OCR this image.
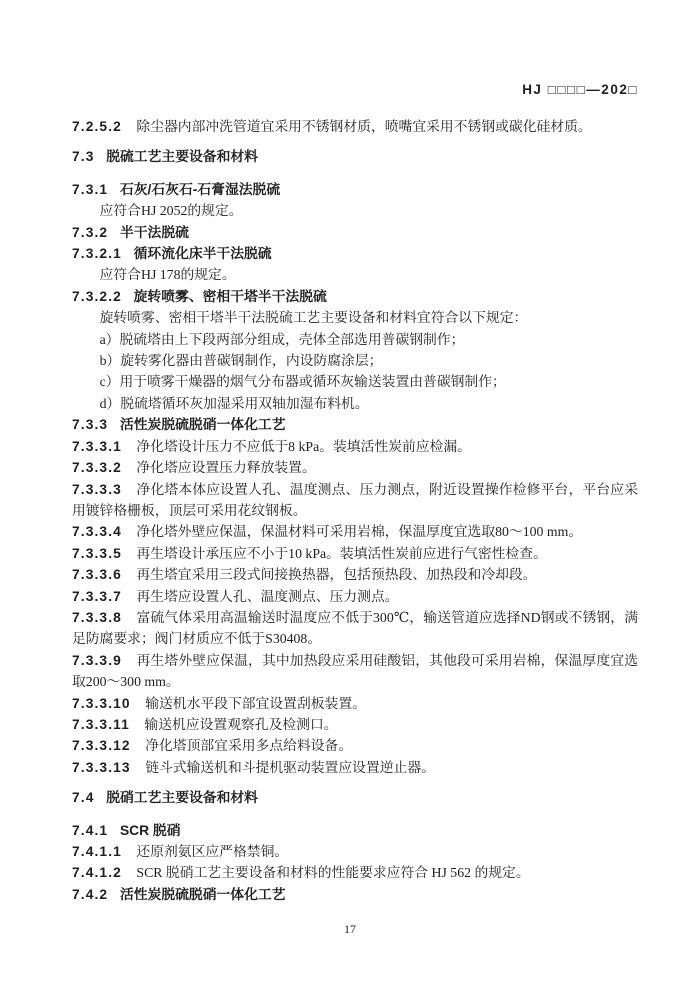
HJ □□□□—202□

7.2.5.2 除尘器内部冲洗管道宜采用不锈钢材质，喷嘴宜采用不锈钢或碳化硅材质。

7.3 脱硫工艺主要设备和材料

7.3.1 石灰/石灰石-石膏湿法脱硫

应符合HJ 2052的规定。

7.3.2 半干法脱硫

7.3.2.1 循环流化床半干法脱硫

应符合HJ 178的规定。

7.3.2.2 旋转喷雾、密相干塔半干法脱硫

旋转喷雾、密相干塔半干法脱硫工艺主要设备和材料宜符合以下规定：

a）脱硫塔由上下段两部分组成，壳体全部选用普碳钢制作；

b）旋转雾化器由普碳钢制作，内设防腐涂层；

c）用于喷雾干燥器的烟气分布器或循环灰输送装置由普碳钢制作；

d）脱硫塔循环灰加湿采用双轴加湿布料机。

7.3.3 活性炭脱硫脱硝一体化工艺

7.3.3.1 净化塔设计压力不应低于8 kPa。装填活性炭前应检漏。

7.3.3.2 净化塔应设置压力释放装置。

7.3.3.3 净化塔本体应设置人孔、温度测点、压力测点，附近设置操作检修平台，平台应采用镀锌格栅板，顶层可采用花纹钢板。

7.3.3.4 净化塔外壁应保温，保温材料可采用岩棉，保温厚度宜选取80～100 mm。

7.3.3.5 再生塔设计承压应不小于10 kPa。装填活性炭前应进行气密性检查。

7.3.3.6 再生塔宜采用三段式间接换热器，包括预热段、加热段和冷却段。

7.3.3.7 再生塔应设置人孔、温度测点、压力测点。

7.3.3.8 富硫气体采用高温输送时温度应不低于300℃，输送管道应选择ND钢或不锈钢，满足防腐要求；阀门材质应不低于S30408。

7.3.3.9 再生塔外壁应保温，其中加热段应采用硅酸铝，其他段可采用岩棉，保温厚度宜选取200～300 mm。

7.3.3.10 输送机水平段下部宜设置刮板装置。

7.3.3.11 输送机应设置观察孔及检测口。

7.3.3.12 净化塔顶部宜采用多点给料设备。

7.3.3.13 链斗式输送机和斗提机驱动装置应设置逆止器。

7.4 脱硝工艺主要设备和材料

7.4.1 SCR 脱硝

7.4.1.1 还原剂氨区应严格禁铜。

7.4.1.2 SCR 脱硝工艺主要设备和材料的性能要求应符合 HJ 562 的规定。

7.4.2 活性炭脱硫脱硝一体化工艺

17
